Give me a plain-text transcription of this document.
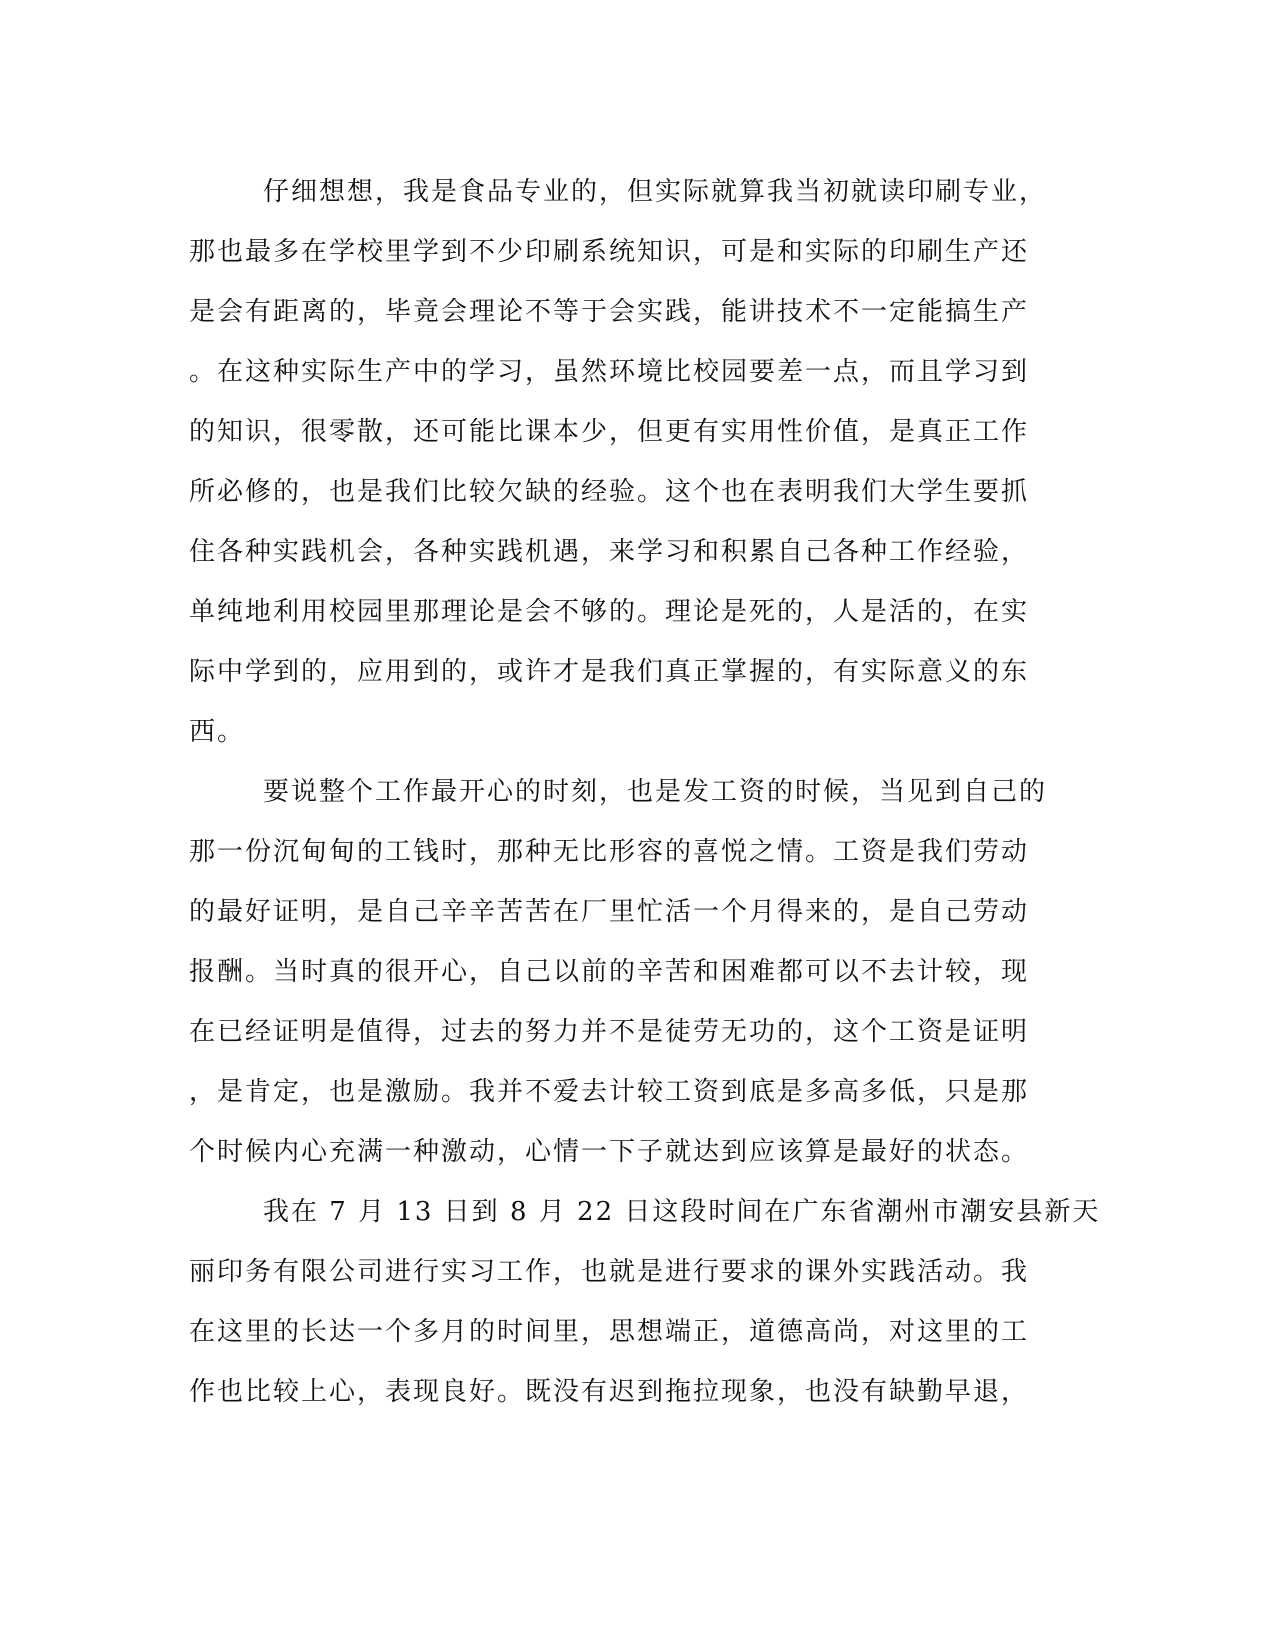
仔细想想，我是食品专业的，但实际就算我当初就读印刷专业，
那也最多在学校里学到不少印刷系统知识，可是和实际的印刷生产还
是会有距离的，毕竟会理论不等于会实践，能讲技术不一定能搞生产
。在这种实际生产中的学习，虽然环境比校园要差一点，而且学习到
的知识，很零散，还可能比课本少，但更有实用性价值，是真正工作
所必修的，也是我们比较欠缺的经验。这个也在表明我们大学生要抓
住各种实践机会，各种实践机遇，来学习和积累自己各种工作经验，
单纯地利用校园里那理论是会不够的。理论是死的，人是活的，在实
际中学到的，应用到的，或许才是我们真正掌握的，有实际意义的东
西。
要说整个工作最开心的时刻，也是发工资的时候，当见到自己的
那一份沉甸甸的工钱时，那种无比形容的喜悦之情。工资是我们劳动
的最好证明，是自己辛辛苦苦在厂里忙活一个月得来的，是自己劳动
报酬。当时真的很开心，自己以前的辛苦和困难都可以不去计较，现
在已经证明是值得，过去的努力并不是徒劳无功的，这个工资是证明
，是肯定，也是激励。我并不爱去计较工资到底是多高多低，只是那
个时候内心充满一种激动，心情一下子就达到应该算是最好的状态。
我在 7 月 13 日到 8 月 22 日这段时间在广东省潮州市潮安县新天
丽印务有限公司进行实习工作，也就是进行要求的课外实践活动。我
在这里的长达一个多月的时间里，思想端正，道德高尚，对这里的工
作也比较上心，表现良好。既没有迟到拖拉现象，也没有缺勤早退，
